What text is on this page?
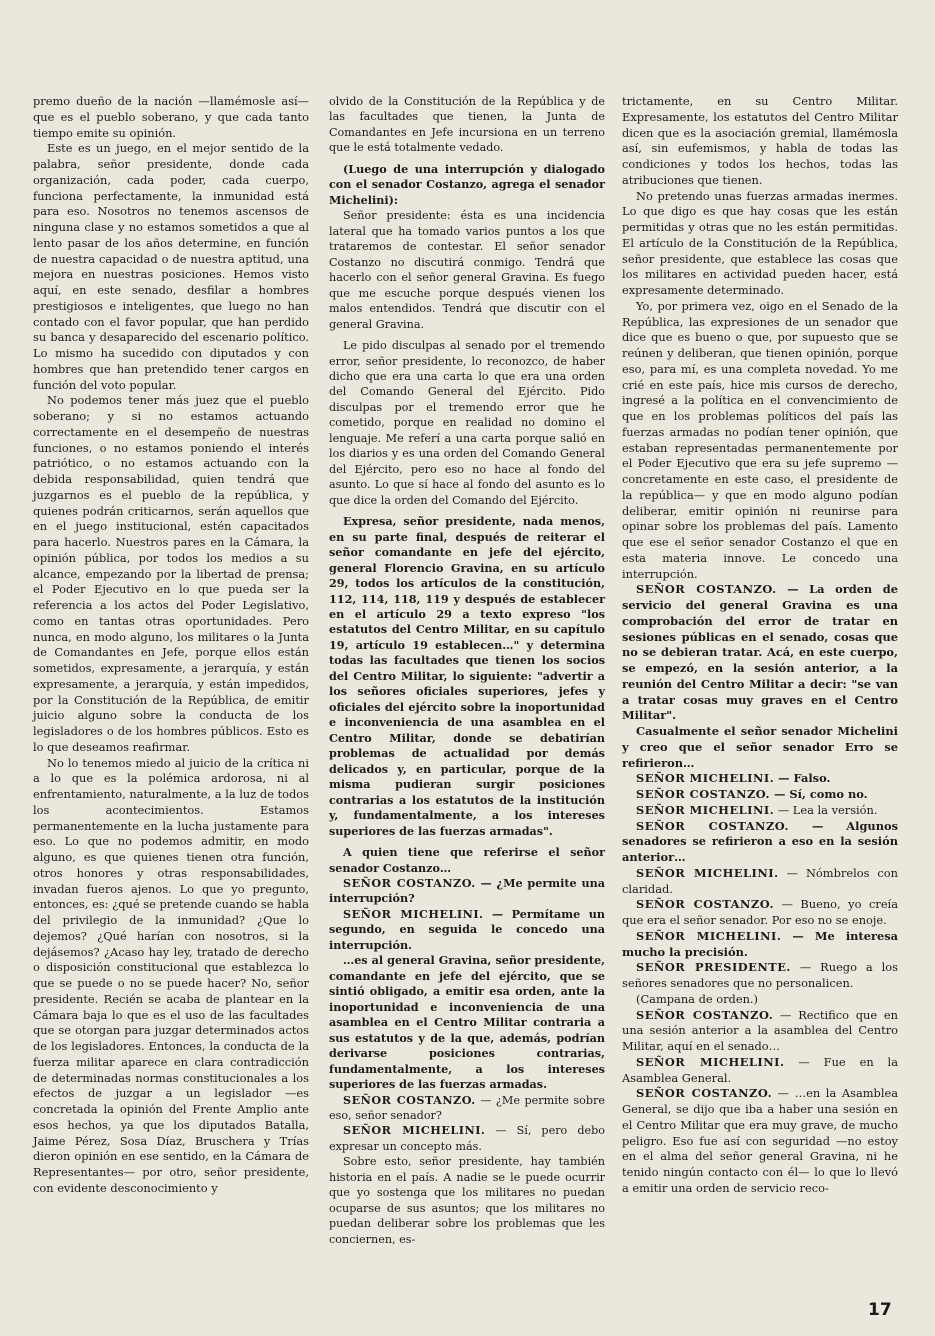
premo dueño de la nación —llamémosle así— que es el pueblo soberano, y que cada tanto tiempo emite su opinión.

Este es un juego, en el mejor sentido de la palabra, señor presidente, donde cada organización, cada poder, cada cuerpo, funciona perfectamente, la inmunidad está para eso. Nosotros no tenemos ascensos de ninguna clase y no estamos sometidos a que al lento pasar de los años determine, en función de nuestra capacidad o de nuestra aptitud, una mejora en nuestras posiciones. Hemos visto aquí, en este senado, desfilar a hombres prestigiosos e inteligentes, que luego no han contado con el favor popular, que han perdido su banca y desaparecido del escenario político. Lo mismo ha sucedido con diputados y con hombres que han pretendido tener cargos en función del voto popular.

No podemos tener más juez que el pueblo soberano; y si no estamos actuando correctamente en el desempeño de nuestras funciones, o no estamos poniendo el interés patriótico, o no estamos actuando con la debida responsabilidad, quien tendrá que juzgarnos es el pueblo de la república, y quienes podrán criticarnos, serán aquellos que en el juego institucional, estén capacitados para hacerlo. Nuestros pares en la Cámara, la opinión pública, por todos los medios a su alcance, empezando por la libertad de prensa; el Poder Ejecutivo en lo que pueda ser la referencia a los actos del Poder Legislativo, como en tantas otras oportunidades. Pero nunca, en modo alguno, los militares o la Junta de Comandantes en Jefe, porque ellos están sometidos, expresamente, a jerarquía, y están expresamente, a jerarquía, y están impedidos, por la Constitución de la República, de emitir juicio alguno sobre la conducta de los legisladores o de los hombres públicos. Esto es lo que deseamos reafirmar.

No lo tenemos miedo al juicio de la crítica ni a lo que es la polémica ardorosa, ni al enfrentamiento, naturalmente, a la luz de todos los acontecimientos. Estamos permanentemente en la lucha justamente para eso. Lo que no podemos admitir, en modo alguno, es que quienes tienen otra función, otros honores y otras responsabilidades, invadan fueros ajenos. Lo que yo pregunto, entonces, es: ¿qué se pretende cuando se habla del privilegio de la inmunidad? ¿Que lo dejemos? ¿Qué harían con nosotros, si la dejásemos? ¿Acaso hay ley, tratado de derecho o disposición constitucional que establezca lo que se puede o no se puede hacer? No, señor presidente. Recién se acaba de plantear en la Cámara baja lo que es el uso de las facultades que se otorgan para juzgar determinados actos de los legisladores. Entonces, la conducta de la fuerza militar aparece en clara contradicción de determinadas normas constitucionales a los efectos de juzgar a un legislador —es concretada la opinión del Frente Amplio ante esos hechos, ya que los diputados Batalla, Jaime Pérez, Sosa Díaz, Bruschera y Trías dieron opinión en ese sentido, en la Cámara de Representantes— por otro, señor presidente, con evidente desconocimiento y

olvido de la Constitución de la República y de las facultades que tienen, la Junta de Comandantes en Jefe incursiona en un terreno que le está totalmente vedado.

(Luego de una interrupción y dialogado con el senador Costanzo, agrega el senador Michelini):

Señor presidente: ésta es una incidencia lateral que ha tomado varios puntos a los que trataremos de contestar. El señor senador Costanzo no discutirá conmigo. Tendrá que hacerlo con el señor general Gravina. Es fuego que me escuche porque después vienen los malos entendidos. Tendrá que discutir con el general Gravina.

Le pido disculpas al senado por el tremendo error, señor presidente, lo reconozco, de haber dicho que era una carta lo que era una orden del Comando General del Ejército. Pido disculpas por el tremendo error que he cometido, porque en realidad no domino el lenguaje. Me referí a una carta porque salió en los diarios y es una orden del Comando General del Ejército, pero eso no hace al fondo del asunto. Lo que sí hace al fondo del asunto es lo que dice la orden del Comando del Ejército.

Expresa, señor presidente, nada menos, en su parte final, después de reiterar el señor comandante en jefe del ejército, general Florencio Gravina, en su artículo 29, todos los artículos de la constitución, 112, 114, 118, 119 y después de establecer en el artículo 29 a texto expreso "los estatutos del Centro Militar, en su capítulo 19, artículo 19 establecen…" y determina todas las facultades que tienen los socios del Centro Militar, lo siguiente: "advertir a los señores oficiales superiores, jefes y oficiales del ejército sobre la inoportunidad e inconveniencia de una asamblea en el Centro Militar, donde se debatirían problemas de actualidad por demás delicados y, en particular, porque de la misma pudieran surgir posiciones contrarias a los estatutos de la institución y, fundamentalmente, a los intereses superiores de las fuerzas armadas".

A quien tiene que referirse el señor senador Costanzo…

SEÑOR COSTANZO. — ¿Me permite una interrupción?

SEÑOR MICHELINI. — Permítame un segundo, en seguida le concedo una interrupción.

…es al general Gravina, señor presidente, comandante en jefe del ejército, que se sintió obligado, a emitir esa orden, ante la inoportunidad e inconveniencia de una asamblea en el Centro Militar contraria a sus estatutos y de la que, además, podrían derivarse posiciones contrarias, fundamentalmente, a los intereses superiores de las fuerzas armadas.

SEÑOR COSTANZO. — ¿Me permite sobre eso, señor senador?

SEÑOR MICHELINI. — Sí, pero debo expresar un concepto más.

Sobre esto, señor presidente, hay también historia en el país. A nadie se le puede ocurrir que yo sostenga que los militares no puedan ocuparse de sus asuntos; que los militares no puedan deliberar sobre los problemas que les conciernen, es-

trictamente, en su Centro Militar. Expresamente, los estatutos del Centro Militar dicen que es la asociación gremial, llamémosla así, sin eufemismos, y habla de todas las condiciones y todos los hechos, todas las atribuciones que tienen.

No pretendo unas fuerzas armadas inermes. Lo que digo es que hay cosas que les están permitidas y otras que no les están permitidas. El artículo de la Constitución de la República, señor presidente, que establece las cosas que los militares en actividad pueden hacer, está expresamente determinado.

Yo, por primera vez, oigo en el Senado de la República, las expresiones de un senador que dice que es bueno o que, por supuesto que se reúnen y deliberan, que tienen opinión, porque eso, para mí, es una completa novedad. Yo me crié en este país, hice mis cursos de derecho, ingresé a la política en el convencimiento de que en los problemas políticos del país las fuerzas armadas no podían tener opinión, que estaban representadas permanentemente por el Poder Ejecutivo que era su jefe supremo —concretamente en este caso, el presidente de la república— y que en modo alguno podían deliberar, emitir opinión ni reunirse para opinar sobre los problemas del país. Lamento que ese el señor senador Costanzo el que en esta materia innove. Le concedo una interrupción.

SEÑOR COSTANZO. — La orden de servicio del general Gravina es una comprobación del error de tratar en sesiones públicas en el senado, cosas que no se debieran tratar. Acá, en este cuerpo, se empezó, en la sesión anterior, a la reunión del Centro Militar a decir: "se van a tratar cosas muy graves en el Centro Militar".

Casualmente el señor senador Michelini y creo que el señor senador Erro se refirieron…

SEÑOR MICHELINI. — Falso.

SEÑOR COSTANZO. — Sí, como no.

SEÑOR MICHELINI. — Lea la versión.

SEÑOR COSTANZO. — Algunos senadores se refirieron a eso en la sesión anterior…

SEÑOR MICHELINI. — Nómbrelos con claridad.

SEÑOR COSTANZO. — Bueno, yo creía que era el señor senador. Por eso no se enoje.

SEÑOR MICHELINI. — Me interesa mucho la precisión.

SEÑOR PRESIDENTE. — Ruego a los señores senadores que no personalicen.

(Campana de orden.)

SEÑOR COSTANZO. — Rectifico que en una sesión anterior a la asamblea del Centro Militar, aquí en el senado…

SEÑOR MICHELINI. — Fue en la Asamblea General.

SEÑOR COSTANZO. — …en la Asamblea General, se dijo que iba a haber una sesión en el Centro Militar que era muy grave, de mucho peligro. Eso fue así con seguridad —no estoy en el alma del señor general Gravina, ni he tenido ningún contacto con él— lo que lo llevó a emitir una orden de servicio reco-

17
